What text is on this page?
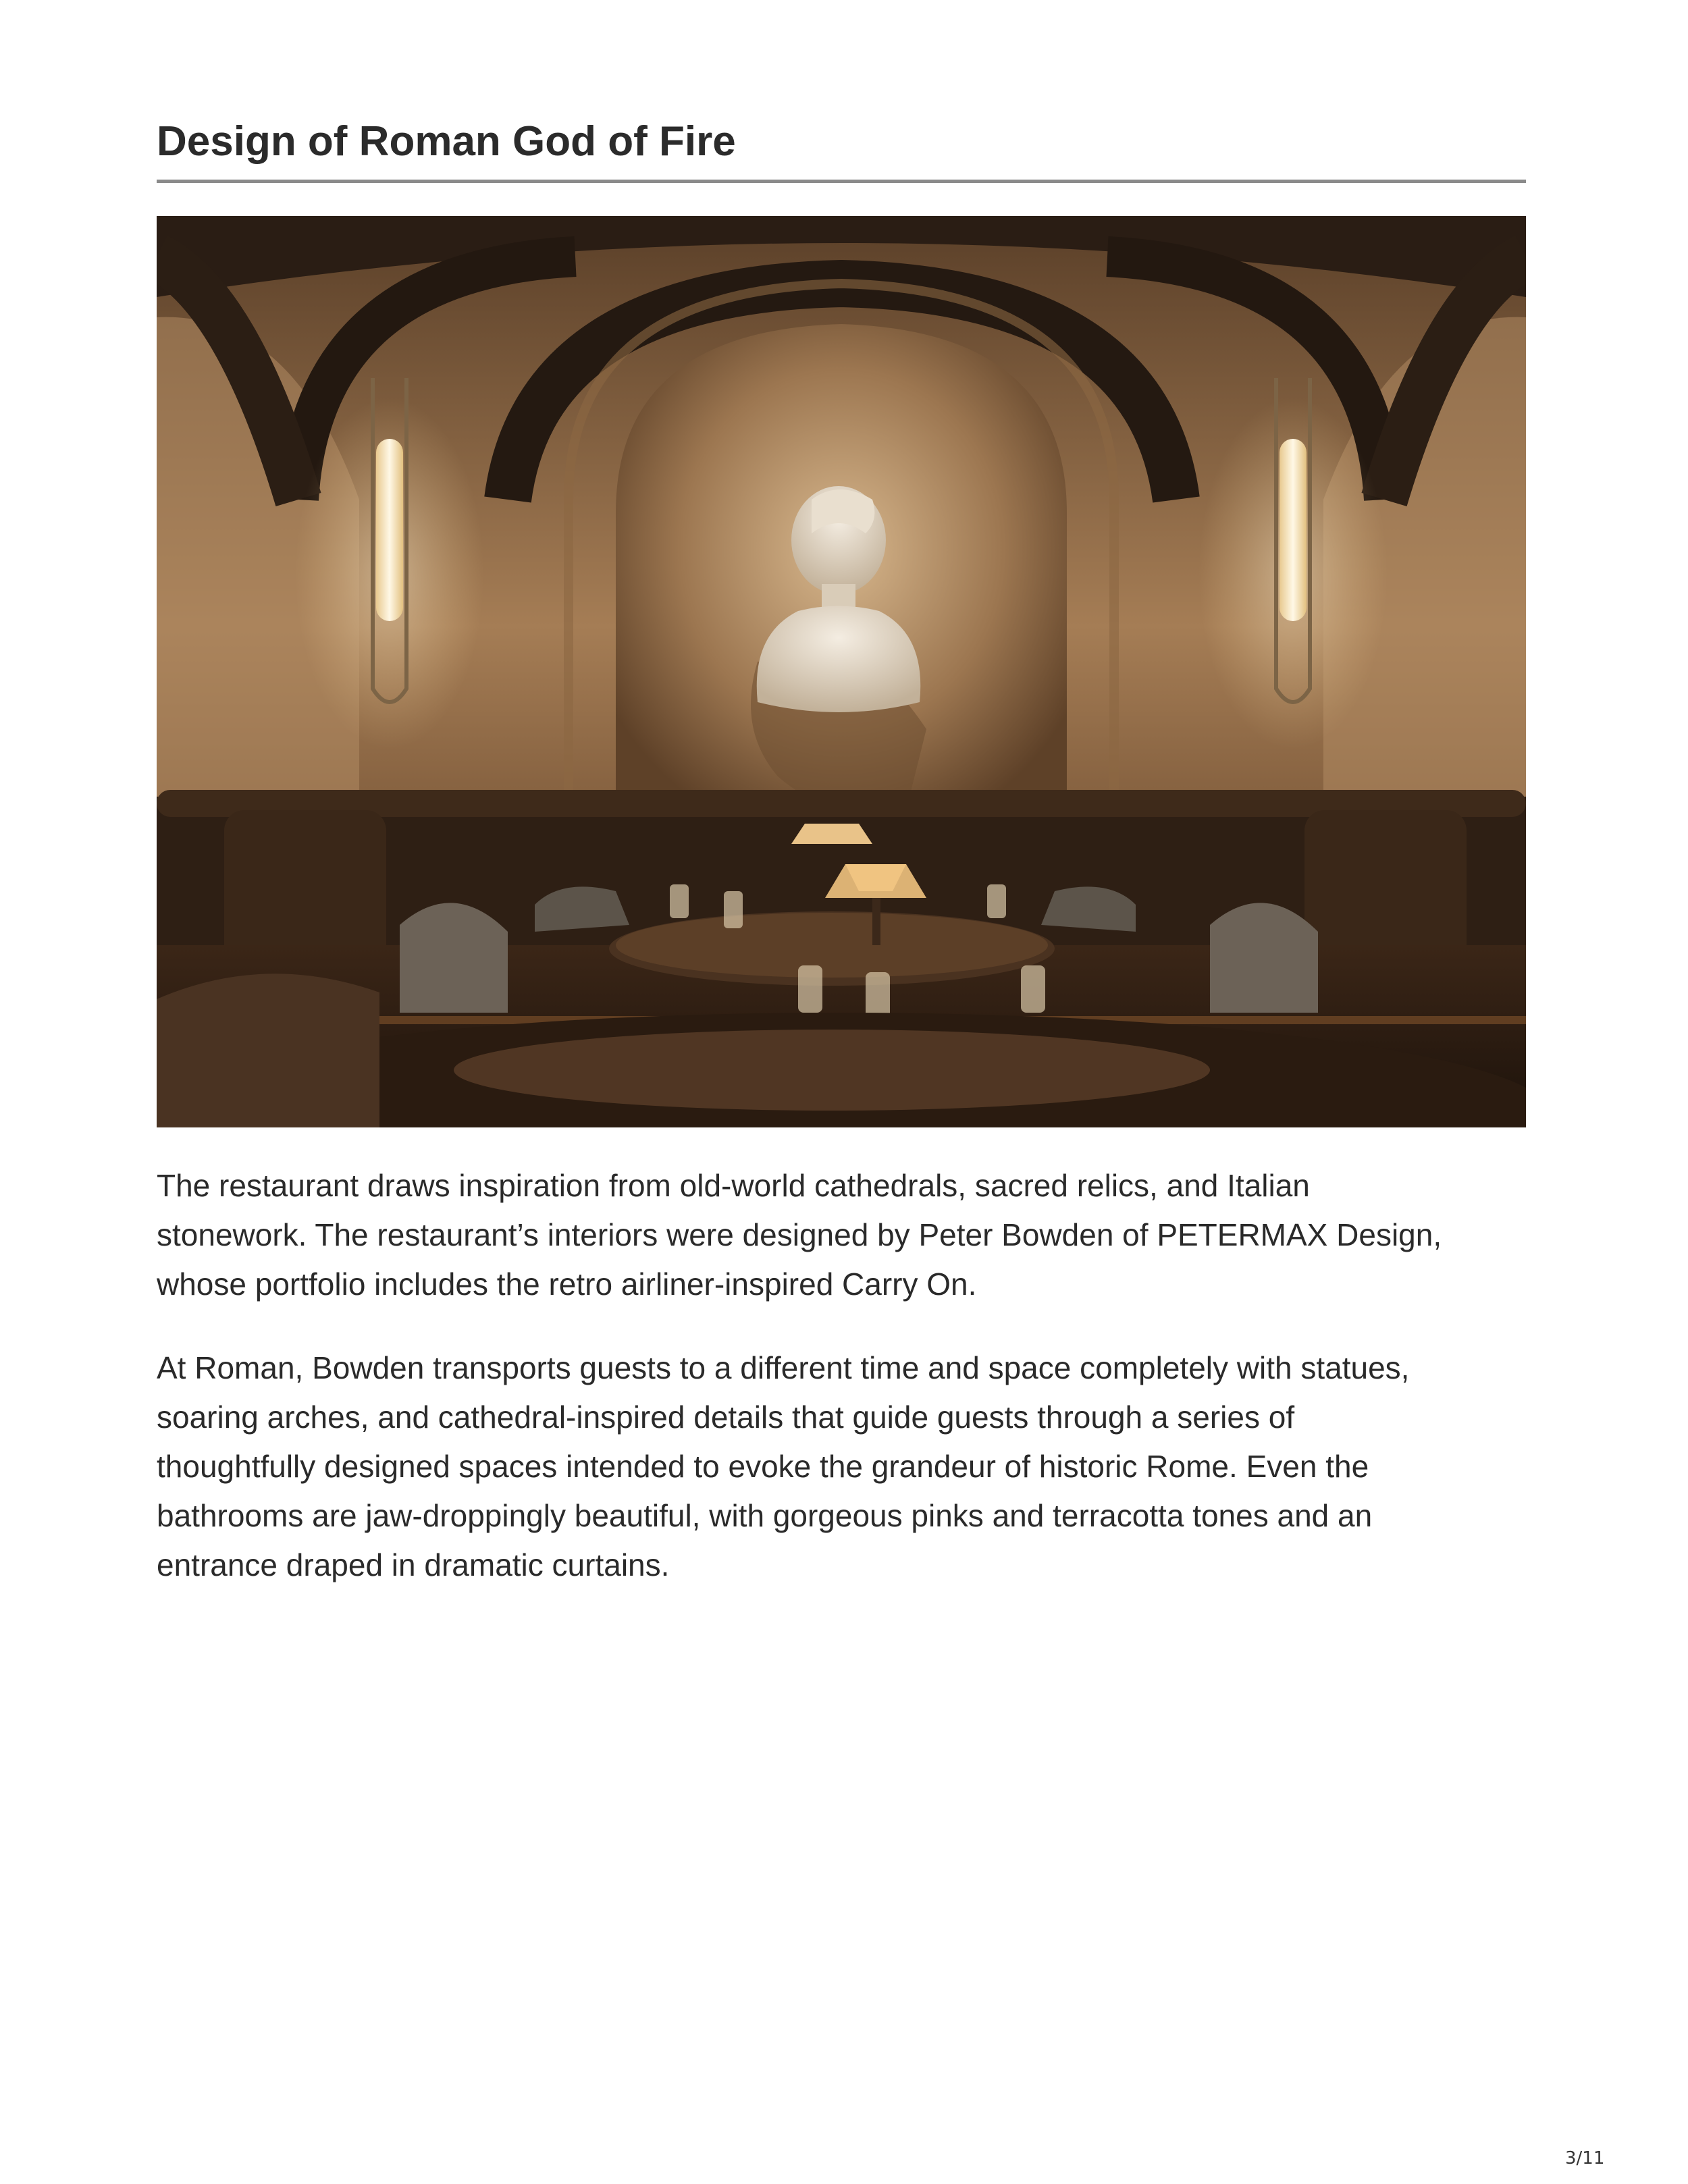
Design of Roman God of Fire

The restaurant draws inspiration from old-world cathedrals, sacred relics, and Italian
stonework. The restaurant’s interiors were designed by Peter Bowden of PETERMAX Design,
whose portfolio includes the retro airliner-inspired Carry On.

At Roman, Bowden transports guests to a different time and space completely with statues,
soaring arches, and cathedral-inspired details that guide guests through a series of
thoughtfully designed spaces intended to evoke the grandeur of historic Rome. Even the
bathrooms are jaw-droppingly beautiful, with gorgeous pinks and terracotta tones and an
entrance draped in dramatic curtains.

3/11
